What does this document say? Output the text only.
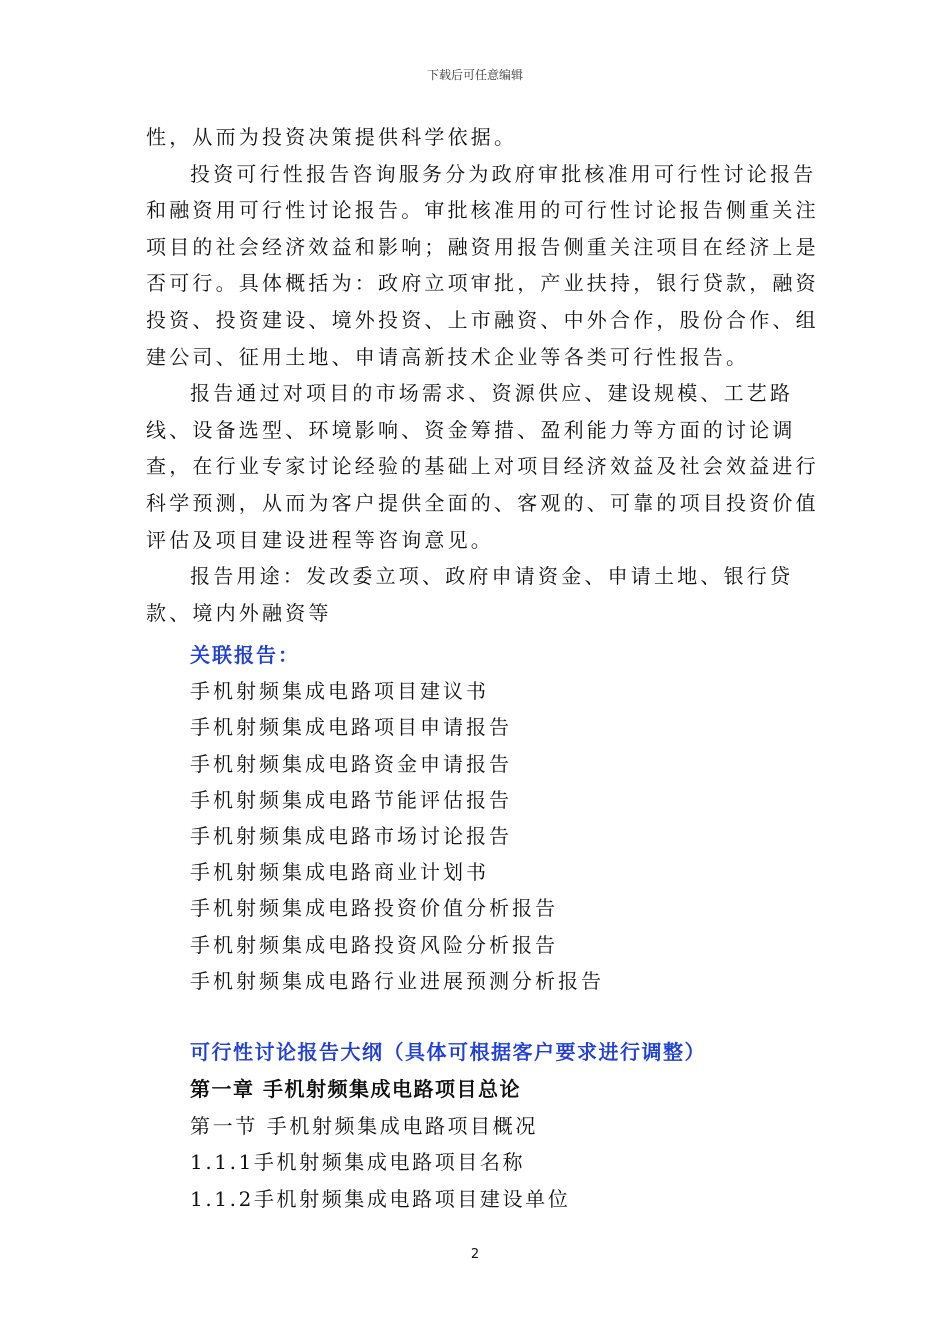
下载后可任意编辑

性，从而为投资决策提供科学依据。

投资可行性报告咨询服务分为政府审批核准用可行性讨论报告和融资用可行性讨论报告。审批核准用的可行性讨论报告侧重关注项目的社会经济效益和影响；融资用报告侧重关注项目在经济上是否可行。具体概括为：政府立项审批，产业扶持，银行贷款，融资投资、投资建设、境外投资、上市融资、中外合作，股份合作、组建公司、征用土地、申请高新技术企业等各类可行性报告。

报告通过对项目的市场需求、资源供应、建设规模、工艺路线、设备选型、环境影响、资金筹措、盈利能力等方面的讨论调查，在行业专家讨论经验的基础上对项目经济效益及社会效益进行科学预测，从而为客户提供全面的、客观的、可靠的项目投资价值评估及项目建设进程等咨询意见。

报告用途：发改委立项、政府申请资金、申请土地、银行贷款、境内外融资等

关联报告：
手机射频集成电路项目建议书
手机射频集成电路项目申请报告
手机射频集成电路资金申请报告
手机射频集成电路节能评估报告
手机射频集成电路市场讨论报告
手机射频集成电路商业计划书
手机射频集成电路投资价值分析报告
手机射频集成电路投资风险分析报告
手机射频集成电路行业进展预测分析报告
可行性讨论报告大纲（具体可根据客户要求进行调整）
第一章 手机射频集成电路项目总论
第一节 手机射频集成电路项目概况
1.1.1手机射频集成电路项目名称
1.1.2手机射频集成电路项目建设单位
2
